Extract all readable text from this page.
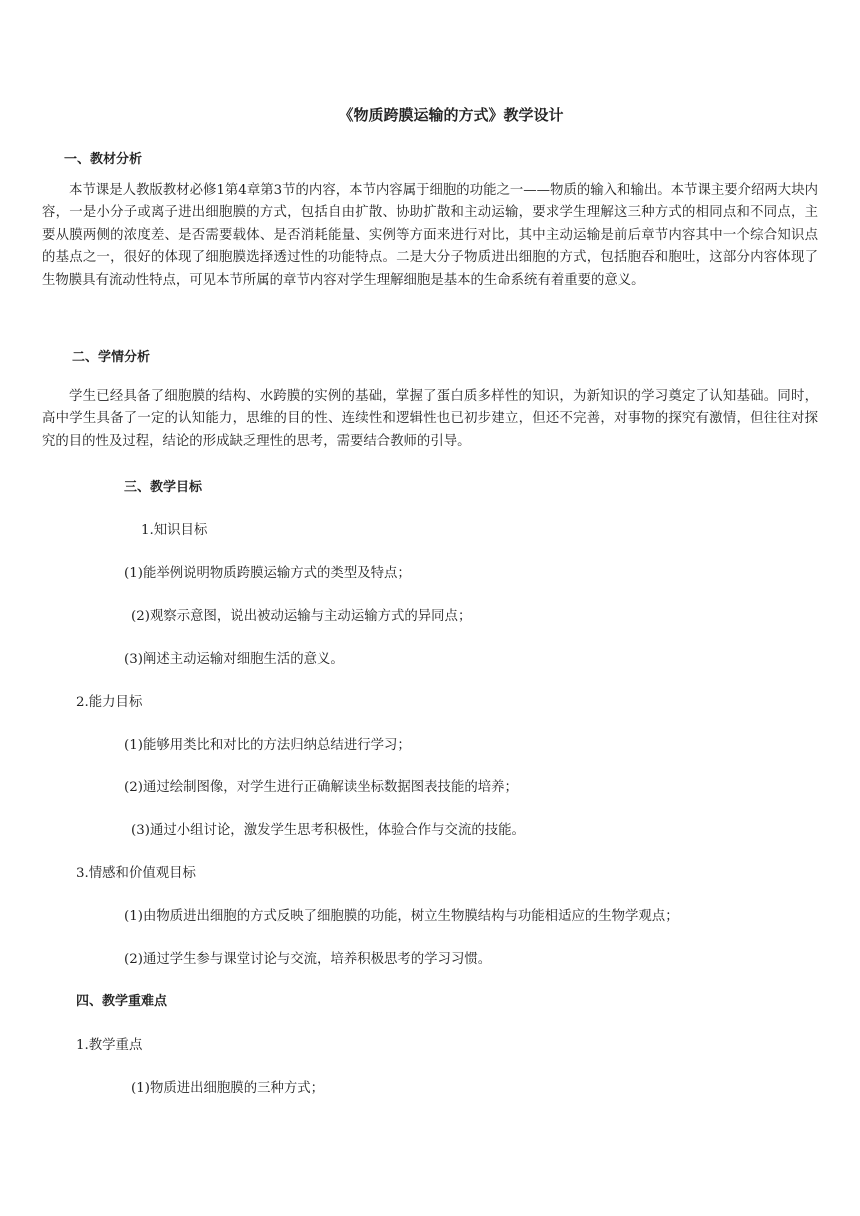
《物质跨膜运输的方式》教学设计
一、教材分析

本节课是人教版教材必修1第4章第3节的内容，本节内容属于细胞的功能之一——物质的输入和输出。本节课主要介绍两大块内容，一是小分子或离子进出细胞膜的方式，包括自由扩散、协助扩散和主动运输，要求学生理解这三种方式的相同点和不同点，主要从膜两侧的浓度差、是否需要载体、是否消耗能量、实例等方面来进行对比，其中主动运输是前后章节内容其中一个综合知识点的基点之一，很好的体现了细胞膜选择透过性的功能特点。二是大分子物质进出细胞的方式，包括胞吞和胞吐，这部分内容体现了生物膜具有流动性特点，可见本节所属的章节内容对学生理解细胞是基本的生命系统有着重要的意义。

二、学情分析

学生已经具备了细胞膜的结构、水跨膜的实例的基础，掌握了蛋白质多样性的知识，为新知识的学习奠定了认知基础。同时，高中学生具备了一定的认知能力，思维的目的性、连续性和逻辑性也已初步建立，但还不完善，对事物的探究有激情，但往往对探究的目的性及过程，结论的形成缺乏理性的思考，需要结合教师的引导。

三、教学目标
1.知识目标
(1)能举例说明物质跨膜运输方式的类型及特点；
(2)观察示意图，说出被动运输与主动运输方式的异同点；
(3)阐述主动运输对细胞生活的意义。
2.能力目标
(1)能够用类比和对比的方法归纳总结进行学习；
(2)通过绘制图像，对学生进行正确解读坐标数据图表技能的培养；
(3)通过小组讨论，激发学生思考积极性，体验合作与交流的技能。
3.情感和价值观目标
(1)由物质进出细胞的方式反映了细胞膜的功能，树立生物膜结构与功能相适应的生物学观点；
(2)通过学生参与课堂讨论与交流，培养积极思考的学习习惯。
四、教学重难点
1.教学重点
(1)物质进出细胞膜的三种方式；
